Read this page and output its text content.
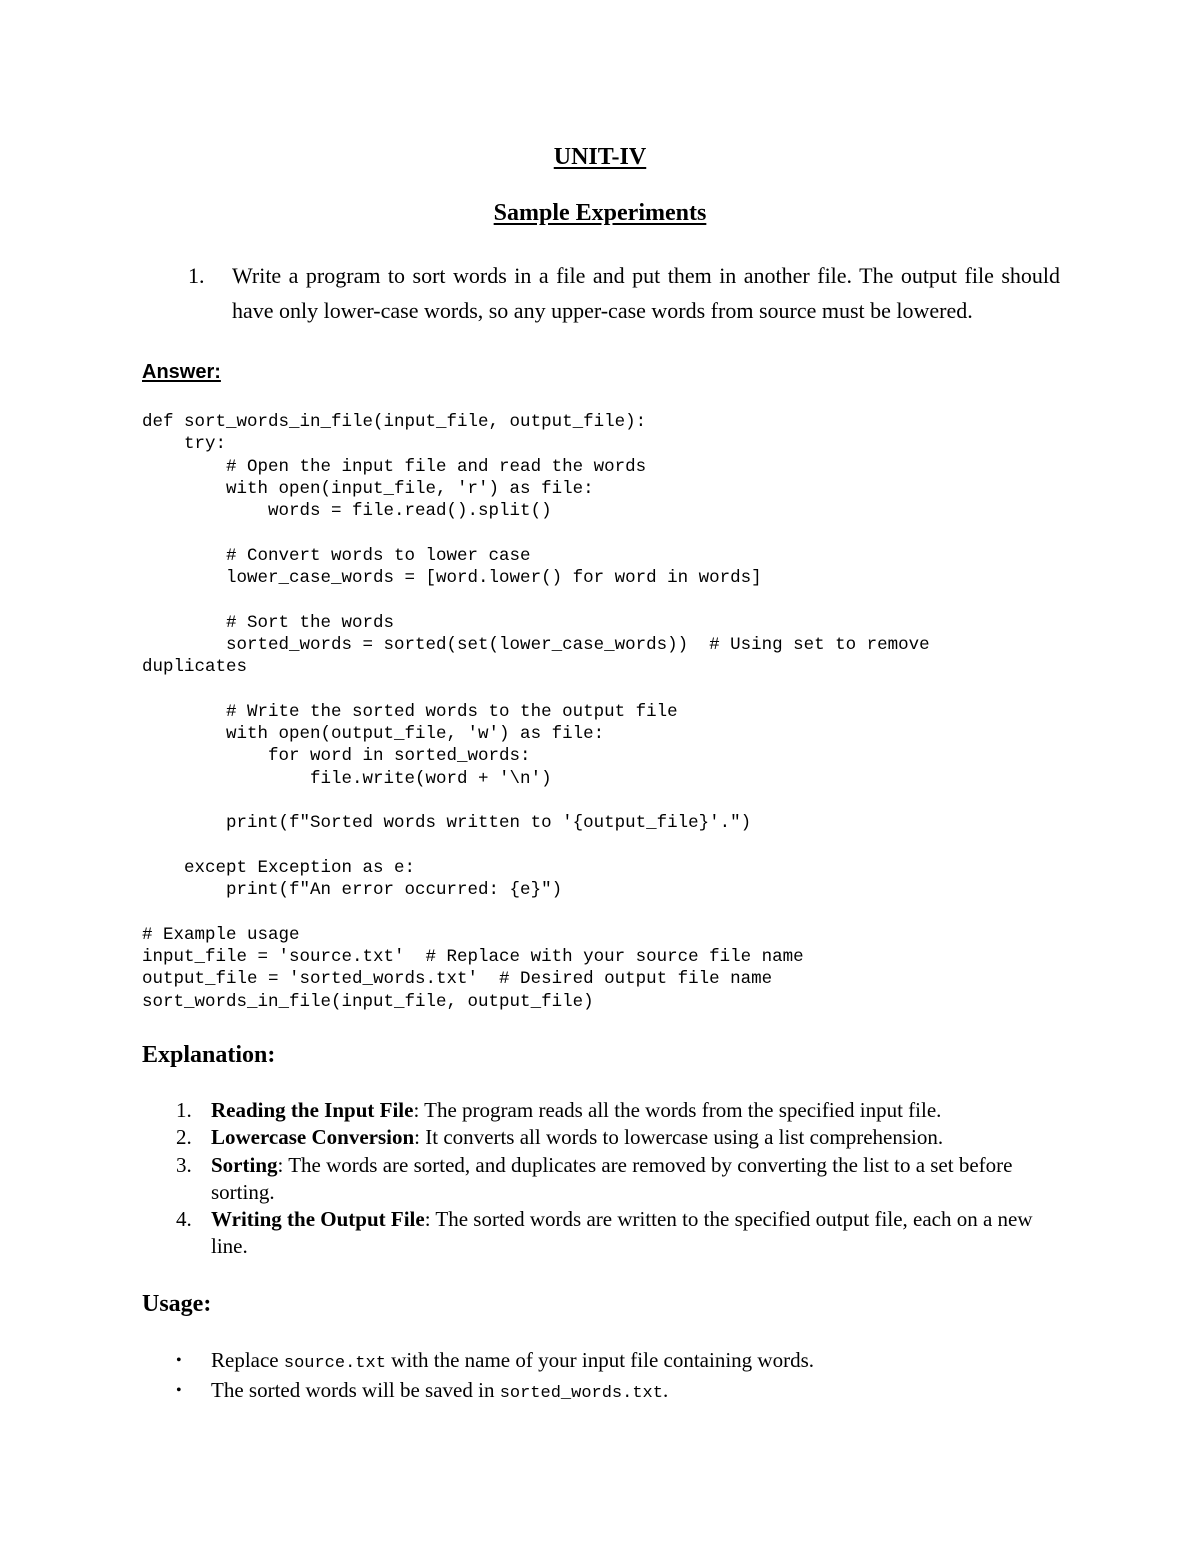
UNIT-IV
Sample Experiments
1. Write a program to sort words in a file and put them in another file. The output file should have only lower-case words, so any upper-case words from source must be lowered.
Answer:
def sort_words_in_file(input_file, output_file):
try:
# Open the input file and read the words
with open(input_file, 'r') as file:
words = file.read().split()
# Convert words to lower case
lower_case_words = [word.lower() for word in words]
# Sort the words
sorted_words = sorted(set(lower_case_words))  # Using set to remove
duplicates
# Write the sorted words to the output file
with open(output_file, 'w') as file:
for word in sorted_words:
file.write(word + '\n')
print(f"Sorted words written to '{output_file}'.")
except Exception as e:
print(f"An error occurred: {e}")
# Example usage
input_file = 'source.txt'  # Replace with your source file name
output_file = 'sorted_words.txt'  # Desired output file name
sort_words_in_file(input_file, output_file)
Explanation:
1. Reading the Input File: The program reads all the words from the specified input file.
2. Lowercase Conversion: It converts all words to lowercase using a list comprehension.
3. Sorting: The words are sorted, and duplicates are removed by converting the list to a set before sorting.
4. Writing the Output File: The sorted words are written to the specified output file, each on a new line.
Usage:
• Replace source.txt with the name of your input file containing words.
• The sorted words will be saved in sorted_words.txt.
